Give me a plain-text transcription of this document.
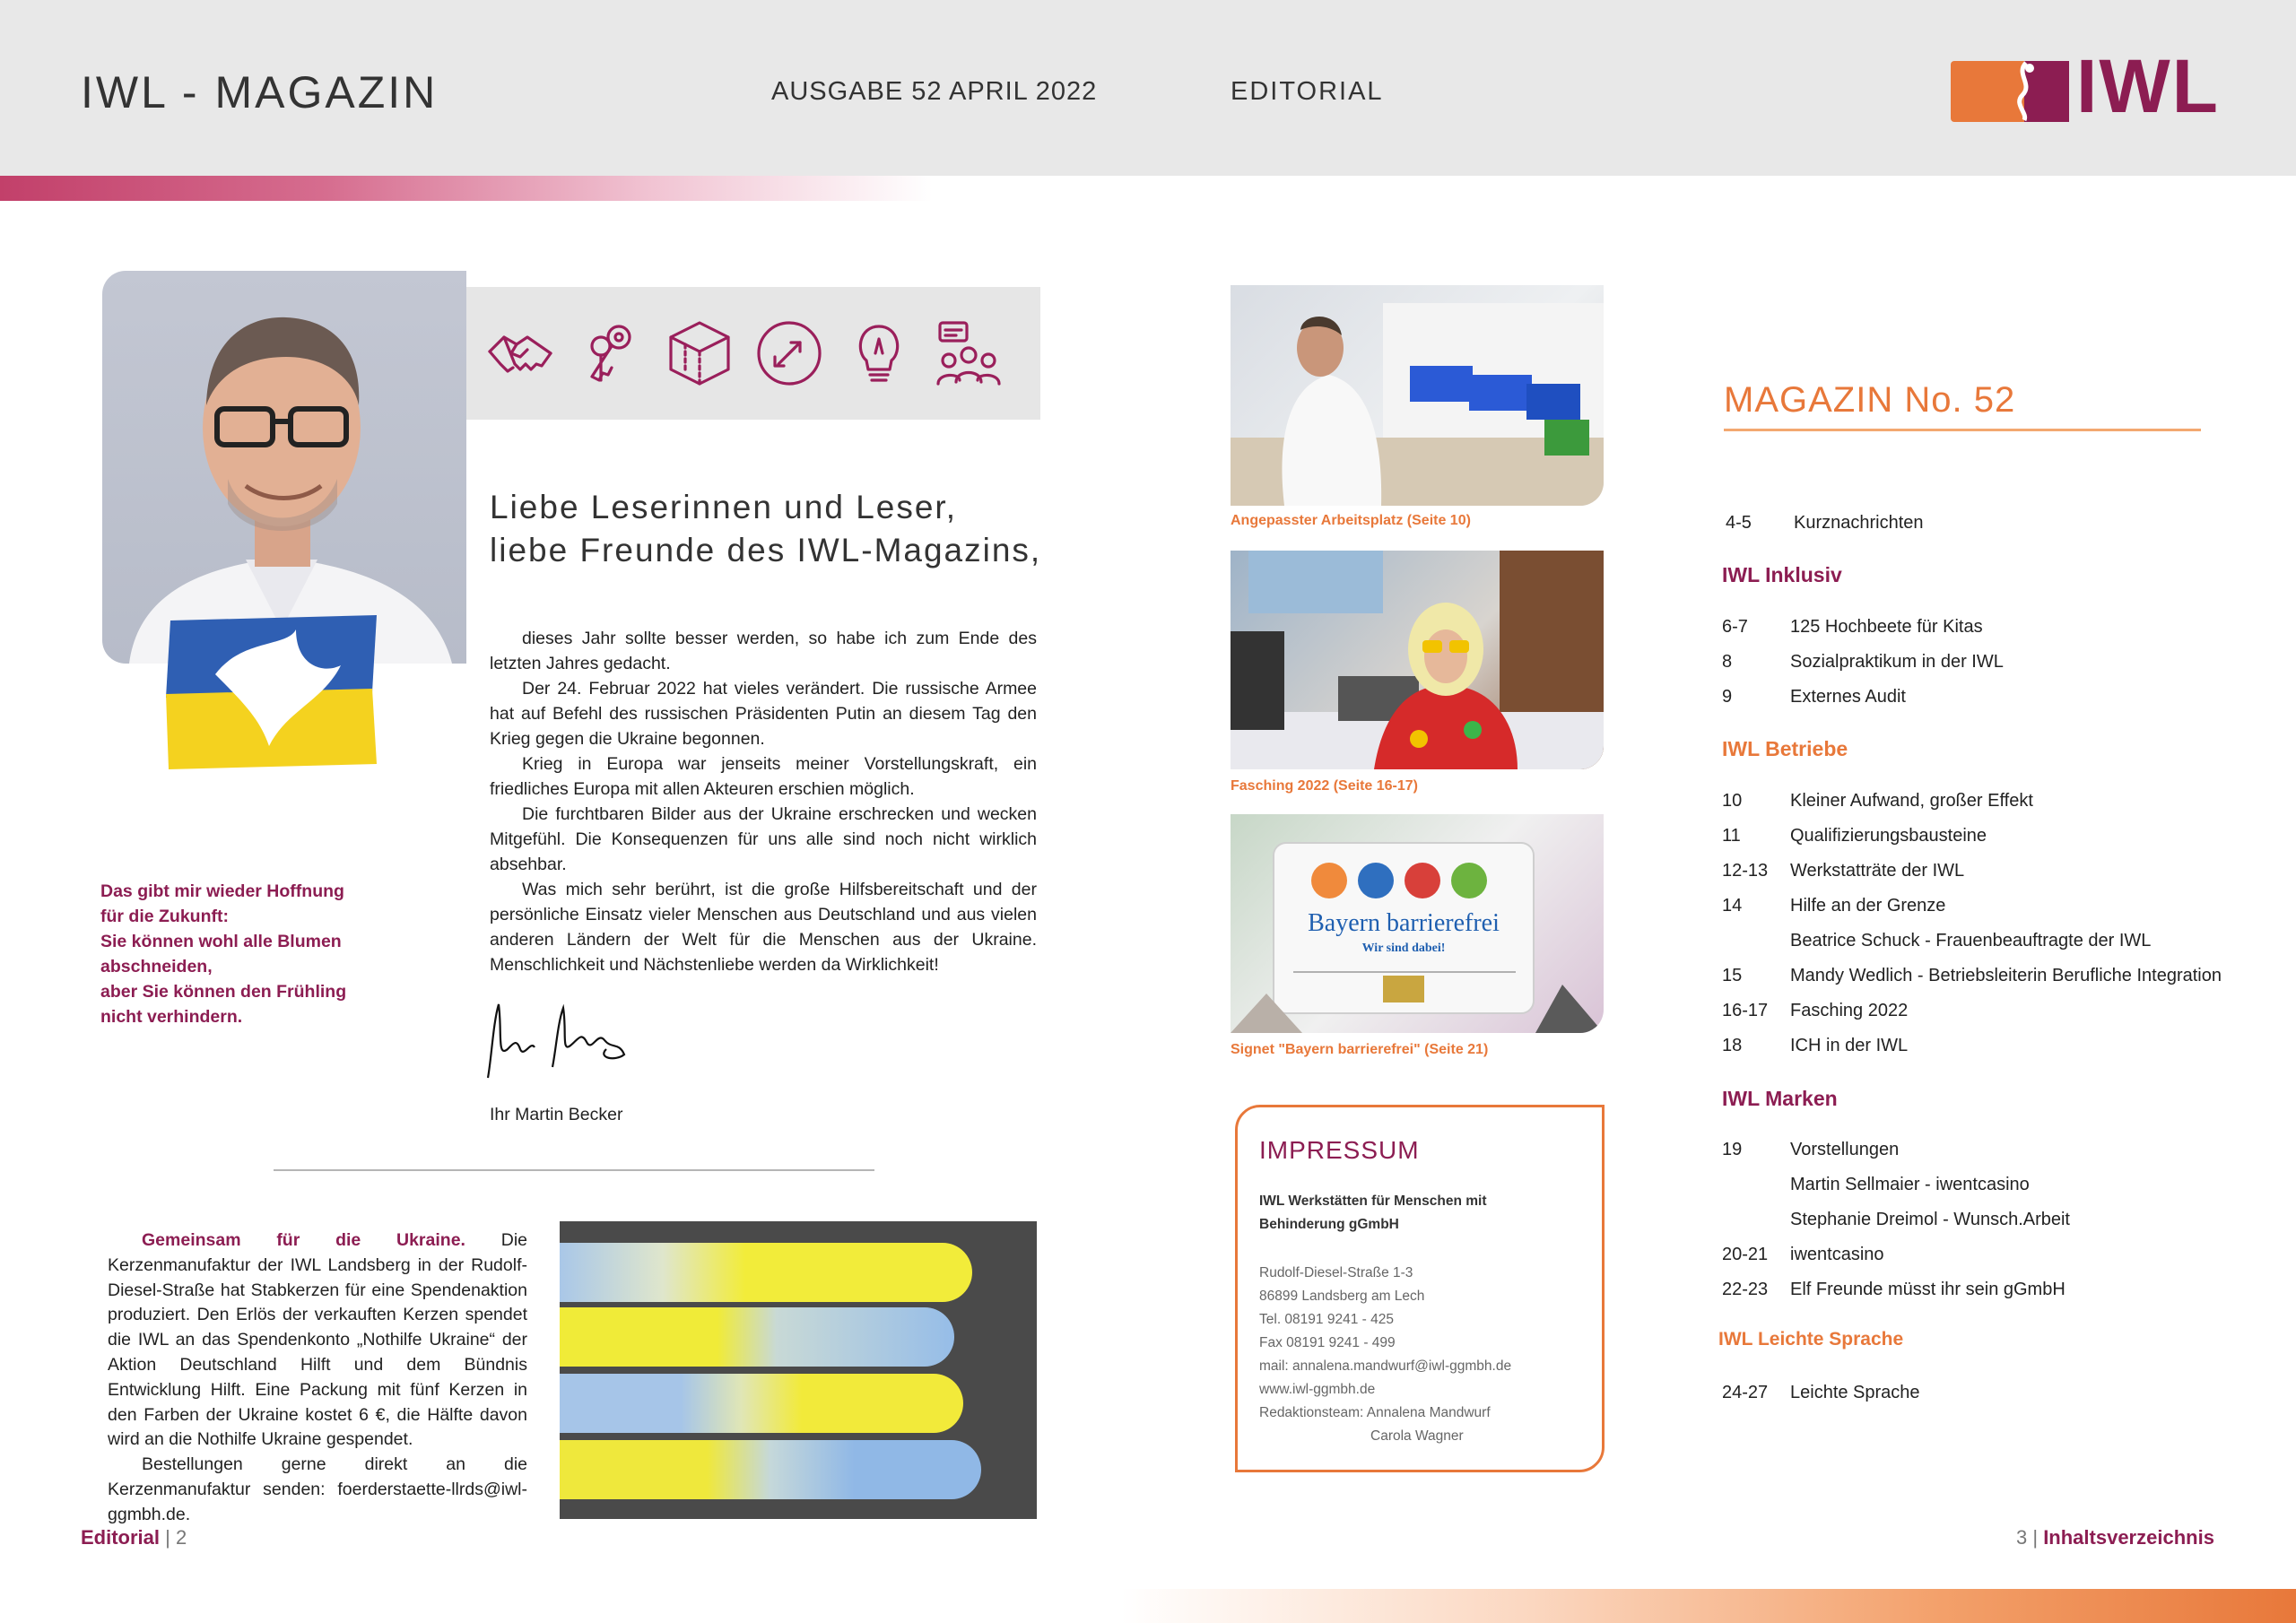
IWL - MAGAZIN	AUSGABE 52 APRIL 2022	EDITORIAL	IWL
Liebe Leserinnen und Leser,
liebe Freunde des IWL-Magazins,

dieses Jahr sollte besser werden, so habe ich zum Ende des letzten Jahres gedacht.

Der 24. Februar 2022 hat vieles verändert. Die russische Armee hat auf Befehl des russischen Präsidenten Putin an diesem Tag den Krieg gegen die Ukraine begonnen.

Krieg in Europa war jenseits meiner Vorstellungskraft, ein friedliches Europa mit allen Akteuren erschien möglich.

Die furchtbaren Bilder aus der Ukraine erschrecken und wecken Mitgefühl. Die Konsequenzen für uns alle sind noch nicht wirklich absehbar.

Was mich sehr berührt, ist die große Hilfsbereitschaft und der persönliche Einsatz vieler Menschen aus Deutschland und aus vielen anderen Ländern der Welt für die Menschen aus der Ukraine. Menschlichkeit und Nächstenliebe werden da Wirklichkeit!

Ihr Martin Becker
Das gibt mir wieder Hoffnung
für die Zukunft:
Sie können wohl alle Blumen
abschneiden,
aber Sie können den Frühling
nicht verhindern.

Gemeinsam für die Ukraine. Die Kerzenmanufaktur der IWL Landsberg in der Rudolf-Diesel-Straße hat Stabkerzen für eine Spendenaktion produziert. Den Erlös der verkauften Kerzen spendet die IWL an das Spendenkonto „Nothilfe Ukraine“ der Aktion Deutschland Hilft und dem Bündnis Entwicklung Hilft. Eine Packung mit fünf Kerzen in den Farben der Ukraine kostet 6 €, die Hälfte davon wird an die Nothilfe Ukraine gespendet.

Bestellungen gerne direkt an die Kerzenmanufaktur senden: foerderstaette-llrds@iwl-ggmbh.de.

Editorial | 2
Angepasster Arbeitsplatz (Seite 10)
Fasching 2022 (Seite 16-17)
Bayern barrierefrei
Wir sind dabei!
Signet "Bayern barrierefrei" (Seite 21)
IMPRESSUM
IWL Werkstätten für Menschen mit
Behinderung gGmbH
Rudolf-Diesel-Straße 1-3
86899 Landsberg am Lech
Tel. 08191 9241 - 425
Fax 08191 9241 - 499
mail: annalena.mandwurf@iwl-ggmbh.de
www.iwl-ggmbh.de
Redaktionsteam: Annalena Mandwurf
Carola Wagner
MAGAZIN No. 52
4-5 Kurznachrichten
IWL Inklusiv
6-7 125 Hochbeete für Kitas
8	Sozialpraktikum in der IWL
9	Externes Audit
IWL Betriebe
10	Kleiner Aufwand, großer Effekt
11	Qualifizierungsbausteine
12-13 Werkstatträte der IWL
14	Hilfe an der Grenze
Beatrice Schuck - Frauenbeauftragte der IWL
15	Mandy Wedlich - Betriebsleiterin Berufliche Integration
16-17 Fasching 2022
18	ICH in der IWL
IWL Marken
19	Vorstellungen
Martin Sellmaier - iwentcasino
Stephanie Dreimol - Wunsch.Arbeit
20-21 iwentcasino
22-23 Elf Freunde müsst ihr sein gGmbH
IWL Leichte Sprache
24-27 Leichte Sprache
3 | Inhaltsverzeichnis
